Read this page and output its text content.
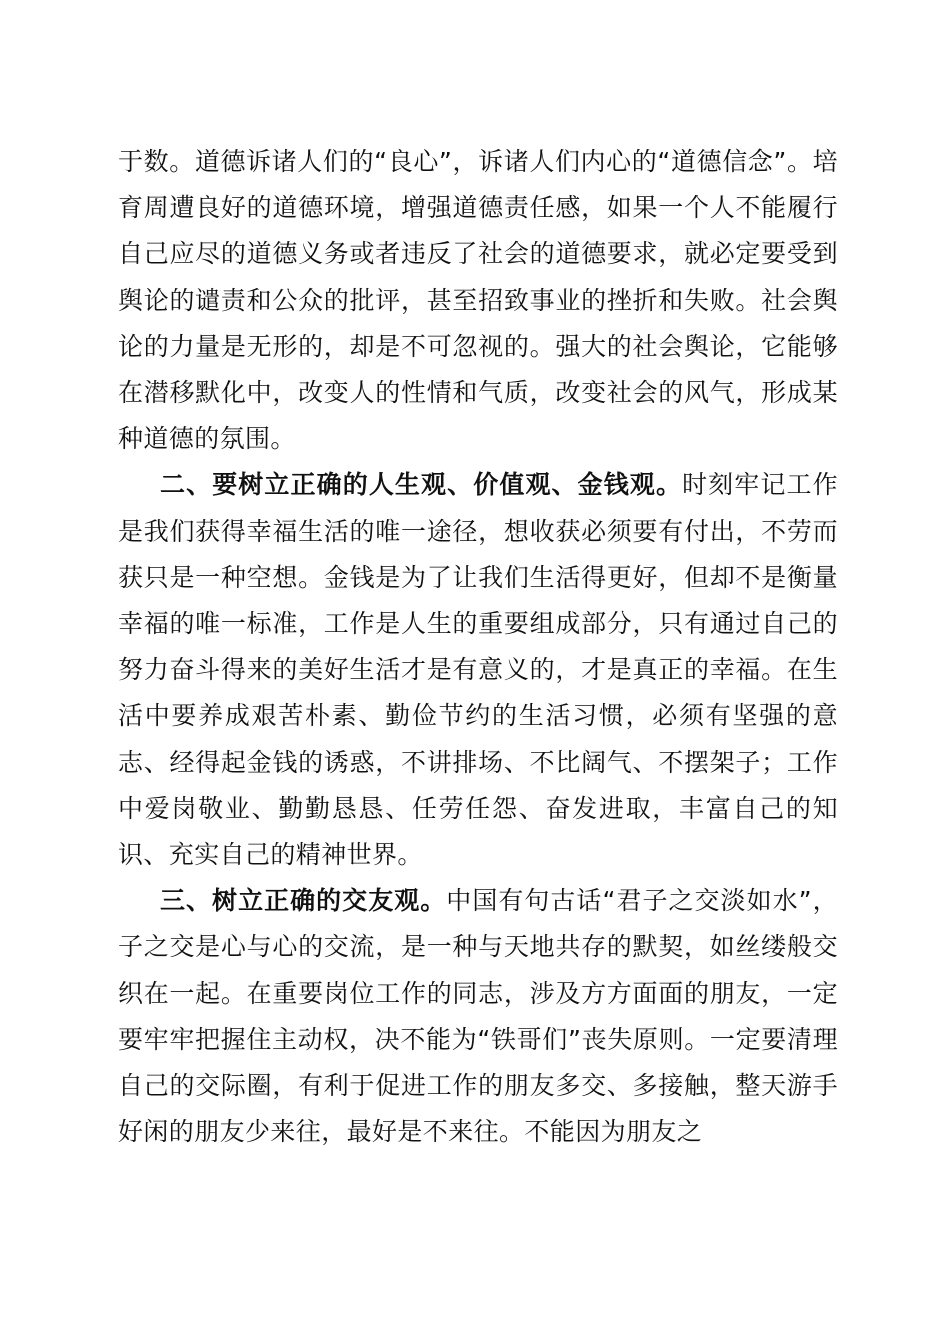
于数。道德诉诸人们的“良心”，诉诸人们内心的“道德信念”。培育周遭良好的道德环境，增强道德责任感，如果一个人不能履行自己应尽的道德义务或者违反了社会的道德要求，就必定要受到舆论的谴责和公众的批评，甚至招致事业的挫折和失败。社会舆论的力量是无形的，却是不可忽视的。强大的社会舆论，它能够在潜移默化中，改变人的性情和气质，改变社会的风气，形成某种道德的氛围。

二、要树立正确的人生观、价值观、金钱观。时刻牢记工作是我们获得幸福生活的唯一途径，想收获必须要有付出，不劳而获只是一种空想。金钱是为了让我们生活得更好，但却不是衡量幸福的唯一标准，工作是人生的重要组成部分，只有通过自己的努力奋斗得来的美好生活才是有意义的，才是真正的幸福。在生活中要养成艰苦朴素、勤俭节约的生活习惯，必须有坚强的意志、经得起金钱的诱惑，不讲排场、不比阔气、不摆架子；工作中爱岗敬业、勤勤恳恳、任劳任怨、奋发进取，丰富自己的知识、充实自己的精神世界。

三、树立正确的交友观。中国有句古话“君子之交淡如水”，子之交是心与心的交流，是一种与天地共存的默契，如丝缕般交织在一起。在重要岗位工作的同志，涉及方方面面的朋友，一定要牢牢把握住主动权，决不能为“铁哥们”丧失原则。一定要清理自己的交际圈，有利于促进工作的朋友多交、多接触，整天游手好闲的朋友少来往，最好是不来往。不能因为朋友之
